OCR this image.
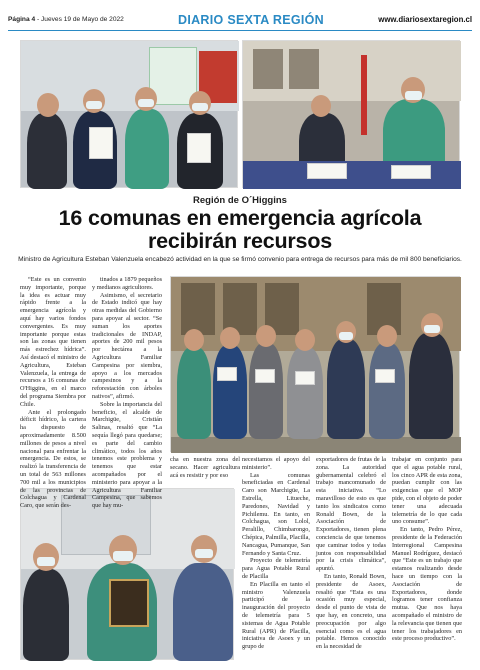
Página 4 - Jueves 19 de Mayo de 2022	DIARIO SEXTA REGIÓN	www.diariosextaregion.cl
Región de O´Higgins
16 comunas en emergencia agrícola
recibirán recursos
Ministro de Agricultura Esteban Valenzuela encabezó actividad en la que se firmó convenio para entrega de recursos para más de mil 800 beneficiarios.

“Este es un convenio muy importante, porque la idea es actuar muy rápido frente a la emergencia agrícola y aquí hay varios fondos convergentes. Es muy importante porque estas son las zonas que tienen más estrechez hídrica”. Así destacó el ministro de Agricultura, Esteban Valenzuela, la entrega de recursos a 16 comunas de O'Higgins, en el marco del programa Siembra por Chile.

Ante el prolongado déficit hídrico, la cartera ha dispuesto de aproximadamente 8.500 millones de pesos a nivel nacional para enfrentar la emergencia. De estos, se realizó la transferencia de un total de 563 millones 700 mil a los municipios de las provincias de Colchagua y Cardenal Caro, que serán des-

tinados a 1879 pequeños y medianos agricultores.

Asimismo, el secretario de Estado indicó que hay otras medidas del Gobierno para apoyar al sector. “Se suman los aportes tradicionales de INDAP, aportes de 200 mil pesos por hectárea a la Agricultura Familiar Campesina por siembra, apoyo a los mercados campesinos y a la reforestación con árboles nativos”, afirmó.

Sobre la importancia del beneficio, el alcalde de Marchigüe, Cristián Salinas, resaltó que “La sequía llegó para quedarse; es parte del cambio climático, todos los años tenemos este problema y tenemos que estar acompañados por el ministerio para apoyar a la Agricultura Familiar Campesina, que sabemos que hay mu-

cha en nuestra zona del secano. Hacer agricultura acá es resistir y por eso

necesitamos el apoyo del ministerio”.

Las comunas beneficiadas en Cardenal Caro son Marchigüe, La Estrella, Litueche, Paredones, Navidad y Pichilemu. En tanto, en Colchagua, son Lolol, Peralillo, Chimbarongo, Chépica, Palmilla, Placilla, Nancagua, Pumanque, San Fernando y Santa Cruz.

Proyecto de telemetría para Agua Potable Rural de Placilla

En Placilla en tanto el ministro Valenzuela participó de la inauguración del proyecto de telemetría para 5 sistemas de Agua Potable Rural (APR) de Placilla, iniciativa de Asoex y un grupo de

exportadores de frutas de la zona. La autoridad gubernamental celebró el trabajo mancomunado de esta iniciativa. “Lo maravilloso de esto es que tanto los sindicatos como Ronald Bown, de la Asociación de Exportadores, tienen plena conciencia de que tenemos que caminar todos y todas juntos con responsabilidad por la crisis climática”, apuntó.

En tanto, Ronald Bown, presidente de Asoex, resaltó que “Esta es una ocasión muy especial, desde el punto de vista de que hay, en concreto, una preocupación por algo esencial como es el agua potable. Hemos conocido en la necesidad de

trabajar en conjunto para que el agua potable rural, los cinco APR de esta zona, puedan cumplir con las exigencias que el MOP pide, con el objeto de poder tener una adecuada telemetría de lo que cada uno consume”.

En tanto, Pedro Pérez, presidente de la Federación Interregional Campesina Manuel Rodríguez, destacó que “Este es un trabajo que estamos realizando desde hace un tiempo con la Asociación de Exportadores, donde logramos tener confianza mutua. Que nos haya acompañado el ministro de la relevancia que tienen que tener los trabajadores en este proceso productivo”.
